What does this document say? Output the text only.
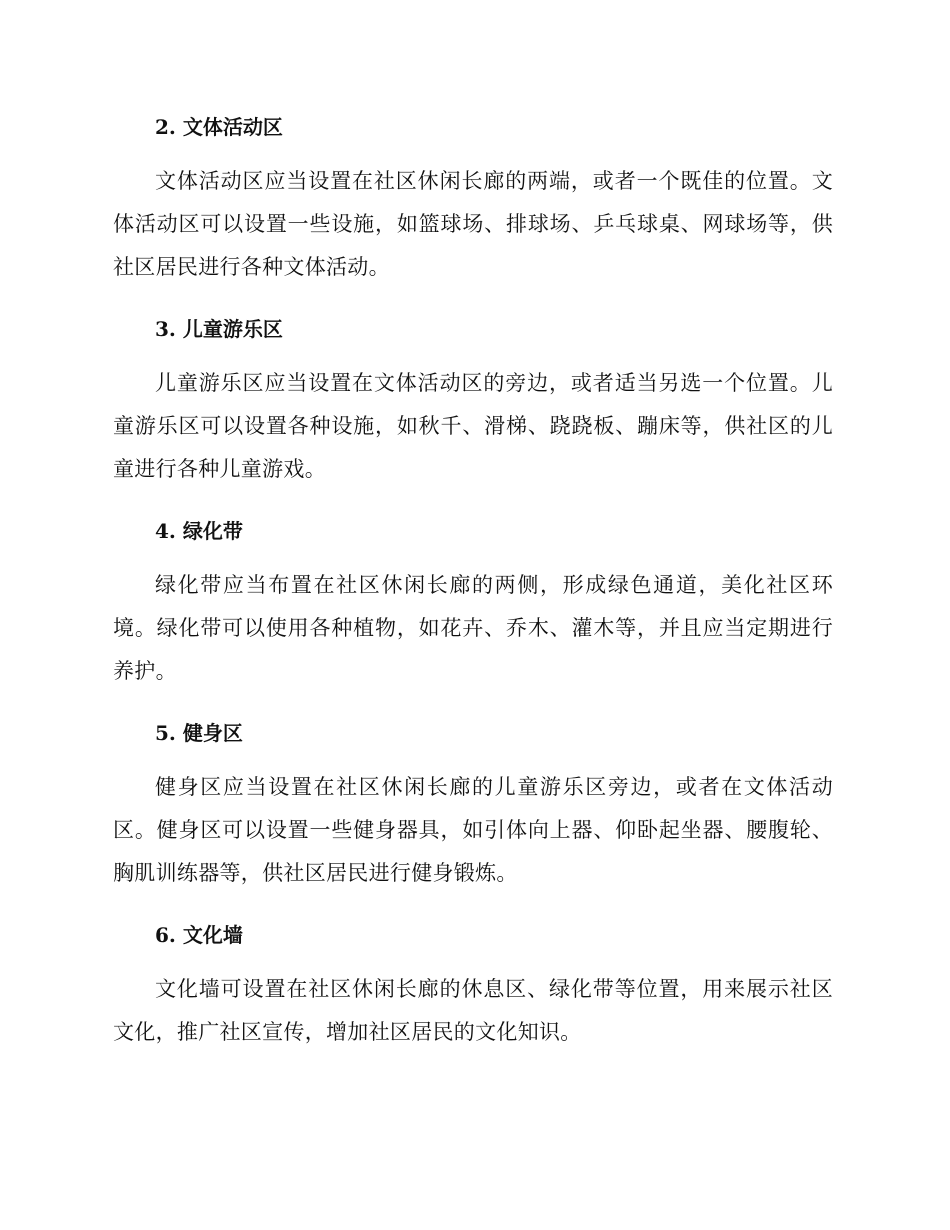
2. 文体活动区

文体活动区应当设置在社区休闲长廊的两端，或者一个既佳的位置。文体活动区可以设置一些设施，如篮球场、排球场、乒乓球桌、网球场等，供社区居民进行各种文体活动。

3. 儿童游乐区

儿童游乐区应当设置在文体活动区的旁边，或者适当另选一个位置。儿童游乐区可以设置各种设施，如秋千、滑梯、跷跷板、蹦床等，供社区的儿童进行各种儿童游戏。

4. 绿化带

绿化带应当布置在社区休闲长廊的两侧，形成绿色通道，美化社区环境。绿化带可以使用各种植物，如花卉、乔木、灌木等，并且应当定期进行养护。

5. 健身区

健身区应当设置在社区休闲长廊的儿童游乐区旁边，或者在文体活动区。健身区可以设置一些健身器具，如引体向上器、仰卧起坐器、腰腹轮、胸肌训练器等，供社区居民进行健身锻炼。

6. 文化墙

文化墙可设置在社区休闲长廊的休息区、绿化带等位置，用来展示社区文化，推广社区宣传，增加社区居民的文化知识。
